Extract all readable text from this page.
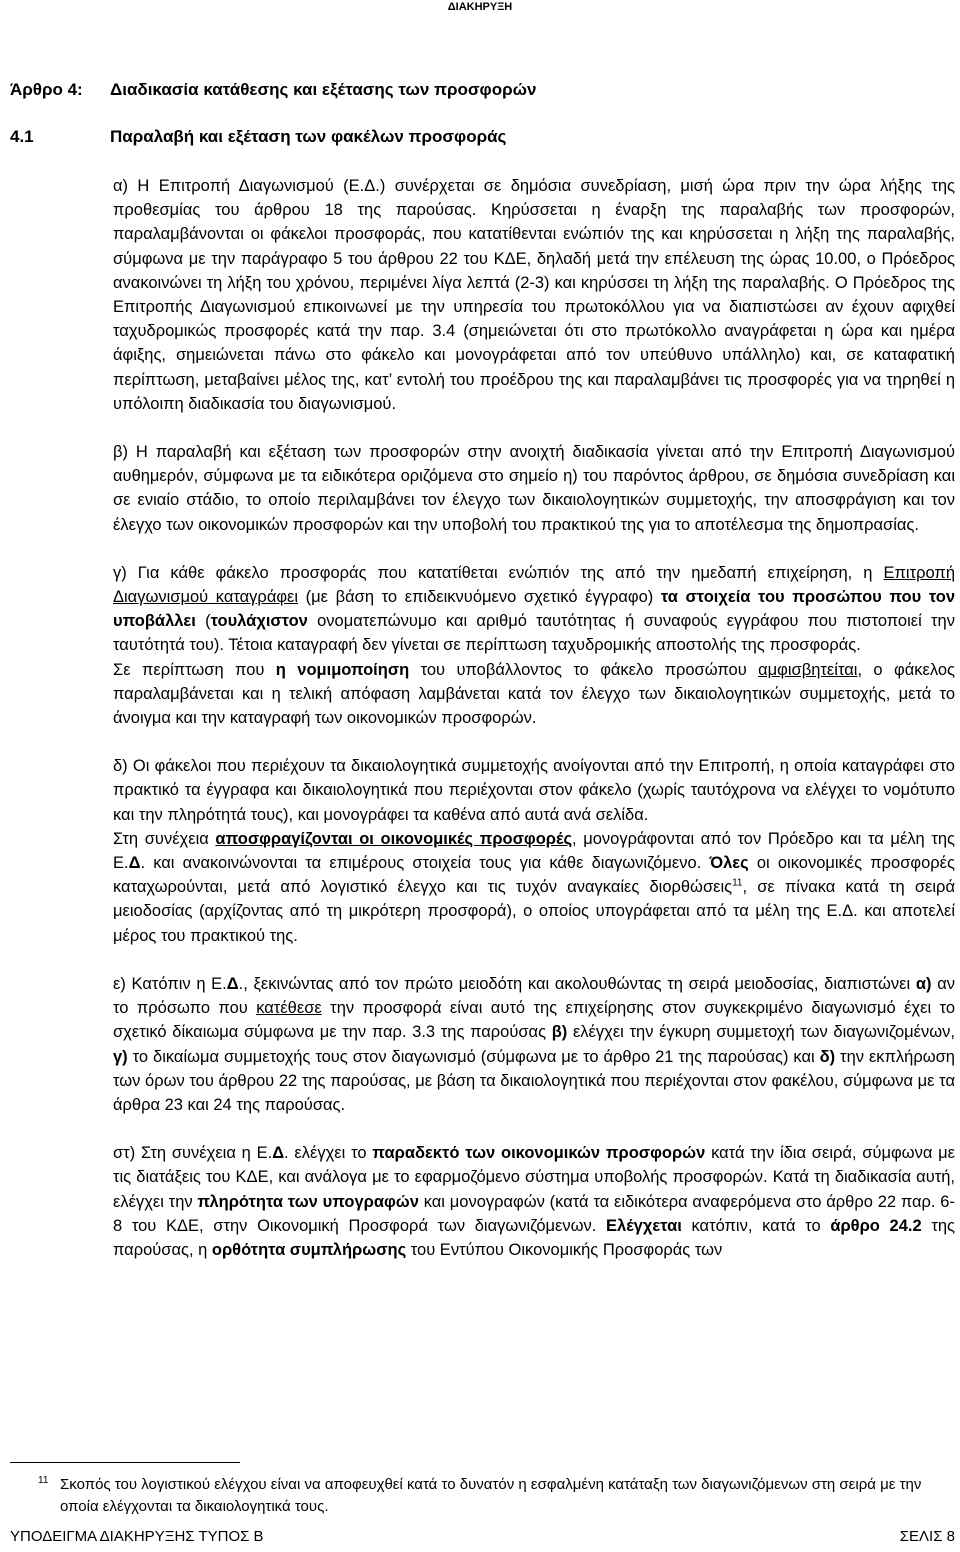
ΔΙΑΚΗΡΥΞΗ
Άρθρο 4: Διαδικασία κατάθεσης και εξέτασης των προσφορών
4.1	Παραλαβή και εξέταση των φακέλων προσφοράς

α) Η Επιτροπή Διαγωνισμού (Ε.Δ.) συνέρχεται σε δημόσια συνεδρίαση, μισή ώρα πριν την ώρα λήξης της προθεσμίας του άρθρου 18 της παρούσας. Κηρύσσεται η έναρξη της παραλαβής των προσφορών, παραλαμβάνονται οι φάκελοι προσφοράς, που κατατίθενται ενώπιόν της και κηρύσσεται η λήξη της παραλαβής, σύμφωνα με την παράγραφο 5 του άρθρου 22 του ΚΔΕ, δηλαδή μετά την επέλευση της ώρας 10.00, ο Πρόεδρος ανακοινώνει τη λήξη του χρόνου, περιμένει λίγα λεπτά (2-3) και κηρύσσει τη λήξη της παραλαβής. Ο Πρόεδρος της Επιτροπής Διαγωνισμού επικοινωνεί με την υπηρεσία του πρωτοκόλλου για να διαπιστώσει αν έχουν αφιχθεί ταχυδρομικώς προσφορές κατά την παρ. 3.4 (σημειώνεται ότι στο πρωτόκολλο αναγράφεται η ώρα και ημέρα άφιξης, σημειώνεται πάνω στο φάκελο και μονογράφεται από τον υπεύθυνο υπάλληλο) και, σε καταφατική περίπτωση, μεταβαίνει μέλος της, κατ’ εντολή του προέδρου της και παραλαμβάνει τις προσφορές για να τηρηθεί η υπόλοιπη διαδικασία του διαγωνισμού.

β) Η παραλαβή και εξέταση των προσφορών στην ανοιχτή διαδικασία γίνεται από την Επιτροπή Διαγωνισμού αυθημερόν, σύμφωνα με τα ειδικότερα οριζόμενα στο σημείο η) του παρόντος άρθρου, σε δημόσια συνεδρίαση και σε ενιαίο στάδιο, το οποίο περιλαμβάνει τον έλεγχο των δικαιολογητικών συμμετοχής, την αποσφράγιση και τον έλεγχο των οικονομικών προσφορών και την υποβολή του πρακτικού της για το αποτέλεσμα της δημοπρασίας.

γ) Για κάθε φάκελο προσφοράς που κατατίθεται ενώπιόν της από την ημεδαπή επιχείρηση, η Επιτροπή Διαγωνισμού καταγράφει (με βάση το επιδεικνυόμενο σχετικό έγγραφο) τα στοιχεία του προσώπου που τον υποβάλλει (τουλάχιστον ονοματεπώνυμο και αριθμό ταυτότητας ή συναφούς εγγράφου που πιστοποιεί την ταυτότητά του). Τέτοια καταγραφή δεν γίνεται σε περίπτωση ταχυδρομικής αποστολής της προσφοράς.

Σε περίπτωση που η νομιμοποίηση του υποβάλλοντος το φάκελο προσώπου αμφισβητείται, ο φάκελος παραλαμβάνεται και η τελική απόφαση λαμβάνεται κατά τον έλεγχο των δικαιολογητικών συμμετοχής, μετά το άνοιγμα και την καταγραφή των οικονομικών προσφορών.

δ) Οι φάκελοι που περιέχουν τα δικαιολογητικά συμμετοχής ανοίγονται από την Επιτροπή, η οποία καταγράφει στο πρακτικό τα έγγραφα και δικαιολογητικά που περιέχονται στον φάκελο (χωρίς ταυτόχρονα να ελέγχει το νομότυπο και την πληρότητά τους), και μονογράφει τα καθένα από αυτά ανά σελίδα.

Στη συνέχεια αποσφραγίζονται οι οικονομικές προσφορές, μονογράφονται από τον Πρόεδρο και τα μέλη της Ε.Δ. και ανακοινώνονται τα επιμέρους στοιχεία τους για κάθε διαγωνιζόμενο. Όλες οι οικονομικές προσφορές καταχωρούνται, μετά από λογιστικό έλεγχο και τις τυχόν αναγκαίες διορθώσεις$^{11}$, σε πίνακα κατά τη σειρά μειοδοσίας (αρχίζοντας από τη μικρότερη προσφορά), ο οποίος υπογράφεται από τα μέλη της Ε.Δ. και αποτελεί μέρος του πρακτικού της.

ε) Κατόπιν η Ε.Δ., ξεκινώντας από τον πρώτο μειοδότη και ακολουθώντας τη σειρά μειοδοσίας, διαπιστώνει α) αν το πρόσωπο που κατέθεσε την προσφορά είναι αυτό της επιχείρησης στον συγκεκριμένο διαγωνισμό έχει το σχετικό δίκαιωμα σύμφωνα με την παρ. 3.3 της παρούσας β) ελέγχει την έγκυρη συμμετοχή των διαγωνιζομένων, γ) το δικαίωμα συμμετοχής τους στον διαγωνισμό (σύμφωνα με το άρθρο 21 της παρούσας) και δ) την εκπλήρωση των όρων του άρθρου 22 της παρούσας, με βάση τα δικαιολογητικά που περιέχονται στον φακέλου, σύμφωνα με τα άρθρα 23 και 24 της παρούσας.

στ) Στη συνέχεια η Ε.Δ. ελέγχει το παραδεκτό των οικονομικών προσφορών κατά την ίδια σειρά, σύμφωνα με τις διατάξεις του ΚΔΕ, και ανάλογα με το εφαρμοζόμενο σύστημα υποβολής προσφορών. Κατά τη διαδικασία αυτή, ελέγχει την πληρότητα των υπογραφών και μονογραφών (κατά τα ειδικότερα αναφερόμενα στο άρθρο 22 παρ. 6-8 του ΚΔΕ, στην Οικονομική Προσφορά των διαγωνιζόμενων. Ελέγχεται κατόπιν, κατά το άρθρο 24.2 της παρούσας, η ορθότητα συμπλήρωσης του Εντύπου Οικονομικής Προσφοράς των

11 Σκοπός του λογιστικού ελέγχου είναι να αποφευχθεί κατά το δυνατόν η εσφαλμένη κατάταξη των διαγωνιζόμενων στη σειρά με την οποία ελέγχονται τα δικαιολογητικά τους.
ΥΠΟΔΕΙΓΜΑ ΔΙΑΚΗΡΥΞΗΣ ΤΥΠΟΣ Β	ΣΕΛΙΣ 8
